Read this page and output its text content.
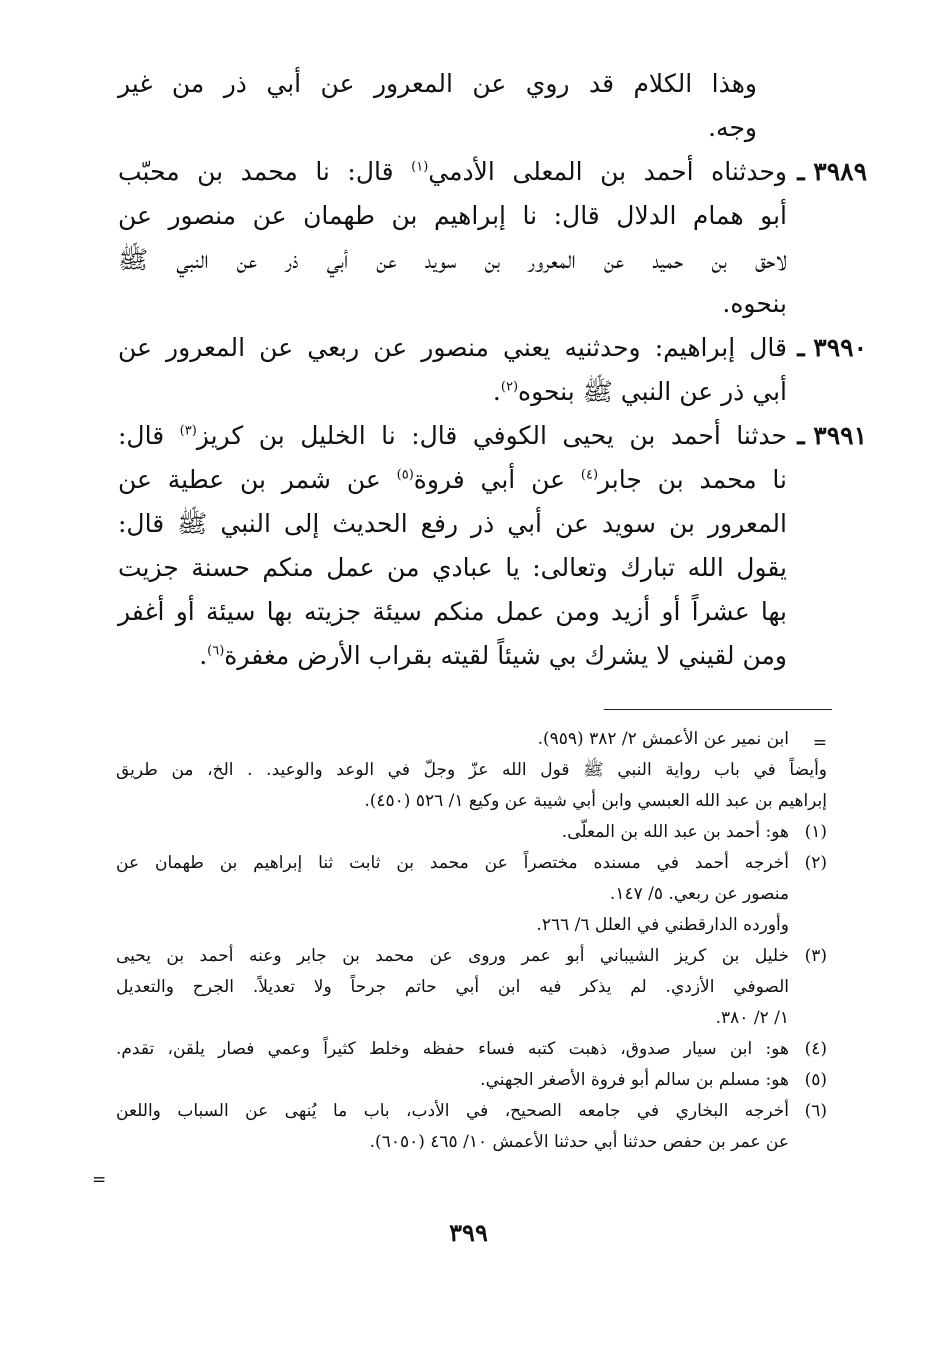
وهذا الكلام قد روي عن المعرور عن أبي ذر من غير
وجه.
٣٩٨٩ ـ
وحدثناه أحمد بن المعلى الأدمي$^{(١)}$ قال: نا محمد بن محبّب
أبو همام الدلال قال: نا إبراهيم بن طهمان عن منصور عن
لاحق بن حميد عن المعرور بن سويد عن أبي ذر عن النبي ﷺ
بنحوه.
٣٩٩٠ ـ
قال إبراهيم: وحدثنيه يعني منصور عن ربعي عن المعرور عن
أبي ذر عن النبي ﷺ بنحوه$^{(٢)}$.
٣٩٩١ ـ
حدثنا أحمد بن يحيى الكوفي قال: نا الخليل بن كريز$^{(٣)}$ قال:
نا محمد بن جابر$^{(٤)}$ عن أبي فروة$^{(٥)}$ عن شمر بن عطية عن
المعرور بن سويد عن أبي ذر رفع الحديث إلى النبي ﷺ قال:
يقول الله تبارك وتعالى: يا عبادي من عمل منكم حسنة جزيت
بها عشراً أو أزيد ومن عمل منكم سيئة جزيته بها سيئة أو أغفر
ومن لقيني لا يشرك بي شيئاً لقيته بقراب الأرض مغفرة$^{(٦)}$.
=
ابن نمير عن الأعمش ٢/ ٣٨٢ (٩٥٩).
وأيضاً في باب رواية النبي ﷺ قول الله عزّ وجلّ في الوعد والوعيد. . الخ، من طريق
إبراهيم بن عبد الله العبسي وابن أبي شيبة عن وكيع ١/ ٥٢٦ (٤٥٠).
(١)
هو: أحمد بن عبد الله بن المعلّى.
(٢)
أخرجه أحمد في مسنده مختصراً عن محمد بن ثابت ثنا إبراهيم بن طهمان عن
منصور عن ربعي. ٥/ ١٤٧.
وأورده الدارقطني في العلل ٦/ ٢٦٦.
(٣)
خليل بن كريز الشيباني أبو عمر وروى عن محمد بن جابر وعنه أحمد بن يحيى
الصوفي الأزدي. لم يذكر فيه ابن أبي حاتم جرحاً ولا تعديلاً. الجرح والتعديل
١/ ٢/ ٣٨٠.
(٤)
هو: ابن سيار صدوق، ذهبت كتبه فساء حفظه وخلط كثيراً وعمي فصار يلقن، تقدم.
(٥)
هو: مسلم بن سالم أبو فروة الأصغر الجهني.
(٦)
أخرجه البخاري في جامعه الصحيح، في الأدب، باب ما يُنهى عن السباب واللعن
عن عمر بن حفص حدثنا أبي حدثنا الأعمش ١٠/ ٤٦٥ (٦٠٥٠).
=
٣٩٩
